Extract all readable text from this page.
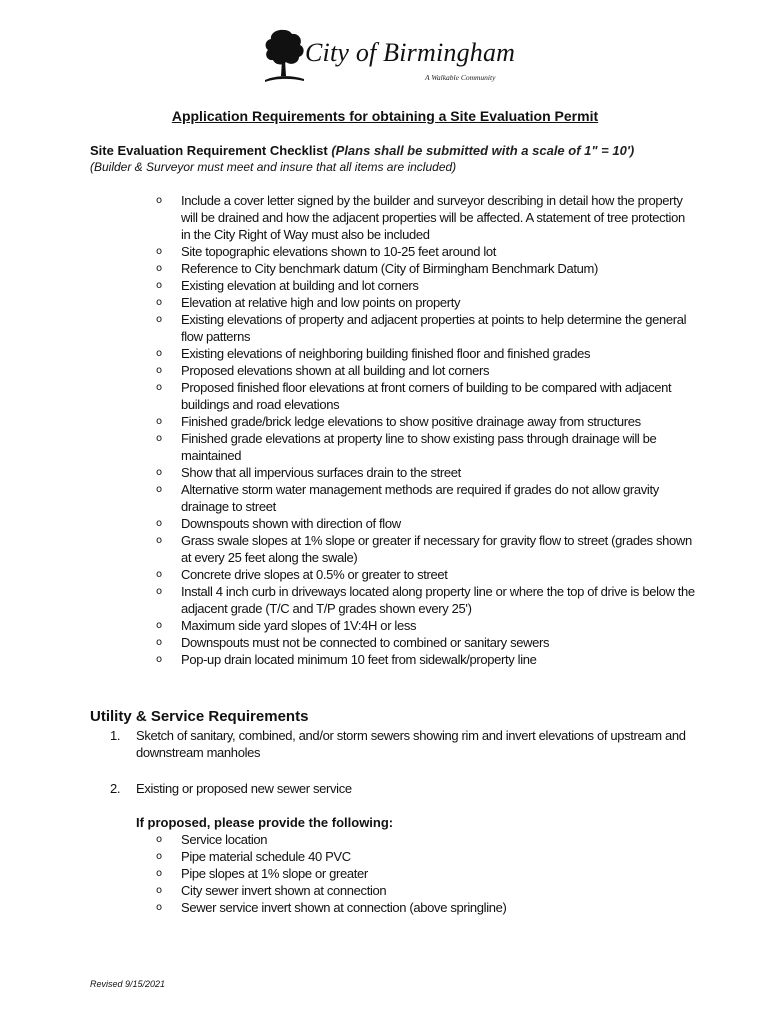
City of Birmingham
A Walkable Community
Application Requirements for obtaining a Site Evaluation Permit
Site Evaluation Requirement Checklist (Plans shall be submitted with a scale of 1" = 10')
(Builder & Surveyor must meet and insure that all items are included)
o Include a cover letter signed by the builder and surveyor describing in detail how the property will be drained and how the adjacent properties will be affected. A statement of tree protection in the City Right of Way must also be included
o Site topographic elevations shown to 10-25 feet around lot
o Reference to City benchmark datum (City of Birmingham Benchmark Datum)
o Existing elevation at building and lot corners
o Elevation at relative high and low points on property
o Existing elevations of property and adjacent properties at points to help determine the general flow patterns
o Existing elevations of neighboring building finished floor and finished grades
o Proposed elevations shown at all building and lot corners
o Proposed finished floor elevations at front corners of building to be compared with adjacent buildings and road elevations
o Finished grade/brick ledge elevations to show positive drainage away from structures
o Finished grade elevations at property line to show existing pass through drainage will be maintained
o Show that all impervious surfaces drain to the street
o Alternative storm water management methods are required if grades do not allow gravity drainage to street
o Downspouts shown with direction of flow
o Grass swale slopes at 1% slope or greater if necessary for gravity flow to street (grades shown at every 25 feet along the swale)
o Concrete drive slopes at 0.5% or greater to street
o Install 4 inch curb in driveways located along property line or where the top of drive is below the adjacent grade (T/C and T/P grades shown every 25')
o Maximum side yard slopes of 1V:4H or less
o Downspouts must not be connected to combined or sanitary sewers
o Pop-up drain located minimum 10 feet from sidewalk/property line
Utility & Service Requirements
1.	Sketch of sanitary, combined, and/or storm sewers showing rim and invert elevations of upstream and downstream manholes
2.	Existing or proposed new sewer service
If proposed, please provide the following:
o Service location
o Pipe material schedule 40 PVC
o Pipe slopes at 1% slope or greater
o City sewer invert shown at connection
o Sewer service invert shown at connection (above springline)
Revised 9/15/2021
